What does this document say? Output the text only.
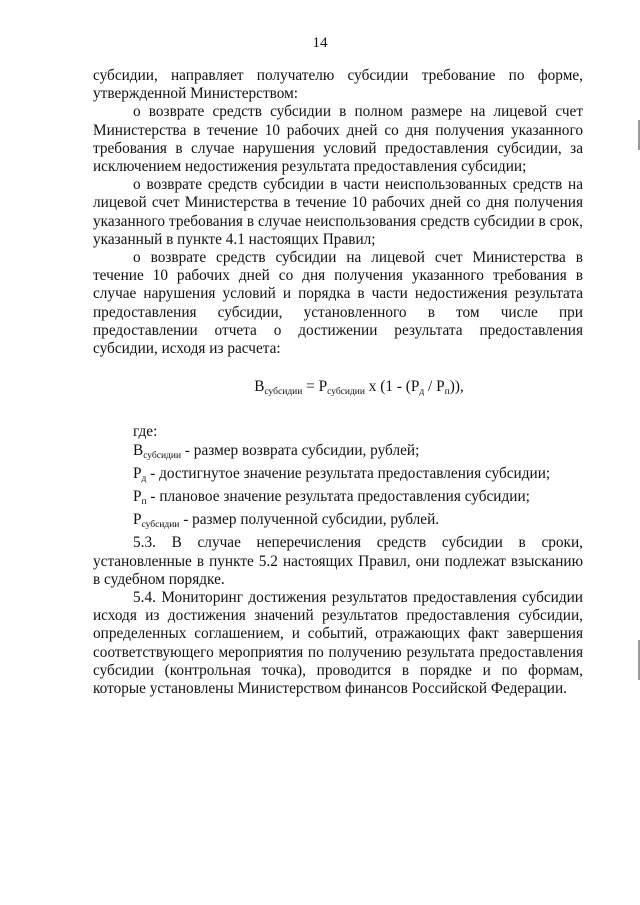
14

субсидии, направляет получателю субсидии требование по форме, утвержденной Министерством:

о возврате средств субсидии в полном размере на лицевой счет Министерства в течение 10 рабочих дней со дня получения указанного требования в случае нарушения условий предоставления субсидии, за исключением недостижения результата предоставления субсидии;

о возврате средств субсидии в части неиспользованных средств на лицевой счет Министерства в течение 10 рабочих дней со дня получения указанного требования в случае неиспользования средств субсидии в срок, указанный в пункте 4.1 настоящих Правил;

о возврате средств субсидии на лицевой счет Министерства в течение 10 рабочих дней со дня получения указанного требования в случае нарушения условий и порядка в части недостижения результата предоставления субсидии, установленного в том числе при предоставлении отчета о достижении результата предоставления субсидии, исходя из расчета:

$В_{субсидии} = Р_{субсидии}$ х $(1 - (Р_д / Р_п))$,

где:

$В_{субсидии}$ - размер возврата субсидии, рублей;

$Р_д$ - достигнутое значение результата предоставления субсидии;

$Р_п$ - плановое значение результата предоставления субсидии;

$Р_{субсидии}$ - размер полученной субсидии, рублей.

5.3. В случае неперечисления средств субсидии в сроки, установленные в пункте 5.2 настоящих Правил, они подлежат взысканию в судебном порядке.

5.4. Мониторинг достижения результатов предоставления субсидии исходя из достижения значений результатов предоставления субсидии, определенных соглашением, и событий, отражающих факт завершения соответствующего мероприятия по получению результата предоставления субсидии (контрольная точка), проводится в порядке и по формам, которые установлены Министерством финансов Российской Федерации.
